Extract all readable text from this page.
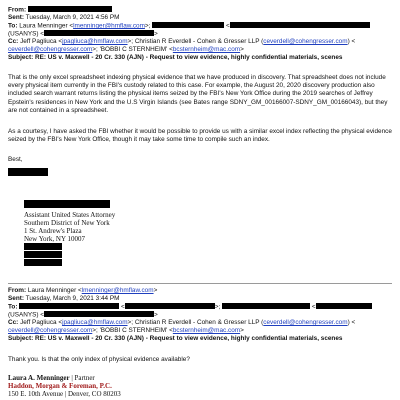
From:
Sent: Tuesday, March 9, 2021 4:56 PM
To: Laura Menninger <lmenninger@hmflaw.com>;	<
(USANYS) <	>
Cc: Jeff Pagliuca <jpagliuca@hmflaw.com>; Christian R Everdell - Cohen & Gresser LLP (ceverdell@cohengresser.com) <
ceverdell@cohengresser.com>; 'BOBBI C STERNHEIM' <bcsternheim@mac.com>
Subject: RE: US v. Maxwell - 20 Cr. 330 (AJN) - Request to view evidence, highly confidential materials, scenes
That is the only excel spreadsheet indexing physical evidence that we have produced in discovery. That spreadsheet does not include every physical item currently in the FBI's custody related to this case. For example, the August 20, 2020 discovery production also included search warrant returns listing the physical items seized by the FBI's New York Office during the 2019 searches of Jeffrey Epstein's residences in New York and the U.S Virgin Islands (see Bates range SDNY_GM_00166007-SDNY_GM_00166043), but they are not contained in a spreadsheet.
As a courtesy, I have asked the FBI whether it would be possible to provide us with a similar excel index reflecting the physical evidence seized by the FBI's New York Office, though it may take some time to compile such an index.
Best,
Assistant United States Attorney
Southern District of New York
1 St. Andrew's Plaza
New York, NY 10007
From: Laura Menninger <lmenninger@hmflaw.com>
Sent: Tuesday, March 9, 2021 3:44 PM
To:	<	>;	<
(USANYS) <	>
Cc: Jeff Pagliuca <jpagliuca@hmflaw.com>; Christian R Everdell - Cohen & Gresser LLP (ceverdell@cohengresser.com) <
ceverdell@cohengresser.com>; 'BOBBI C STERNHEIM' <bcsternheim@mac.com>
Subject: RE: US v. Maxwell - 20 Cr. 330 (AJN) - Request to view evidence, highly confidential materials, scenes
Thank you. Is that the only index of physical evidence available?
Laura A. Menninger | Partner
Haddon, Morgan & Foreman, P.C.
150 E. 10th Avenue | Denver, CO 80203
